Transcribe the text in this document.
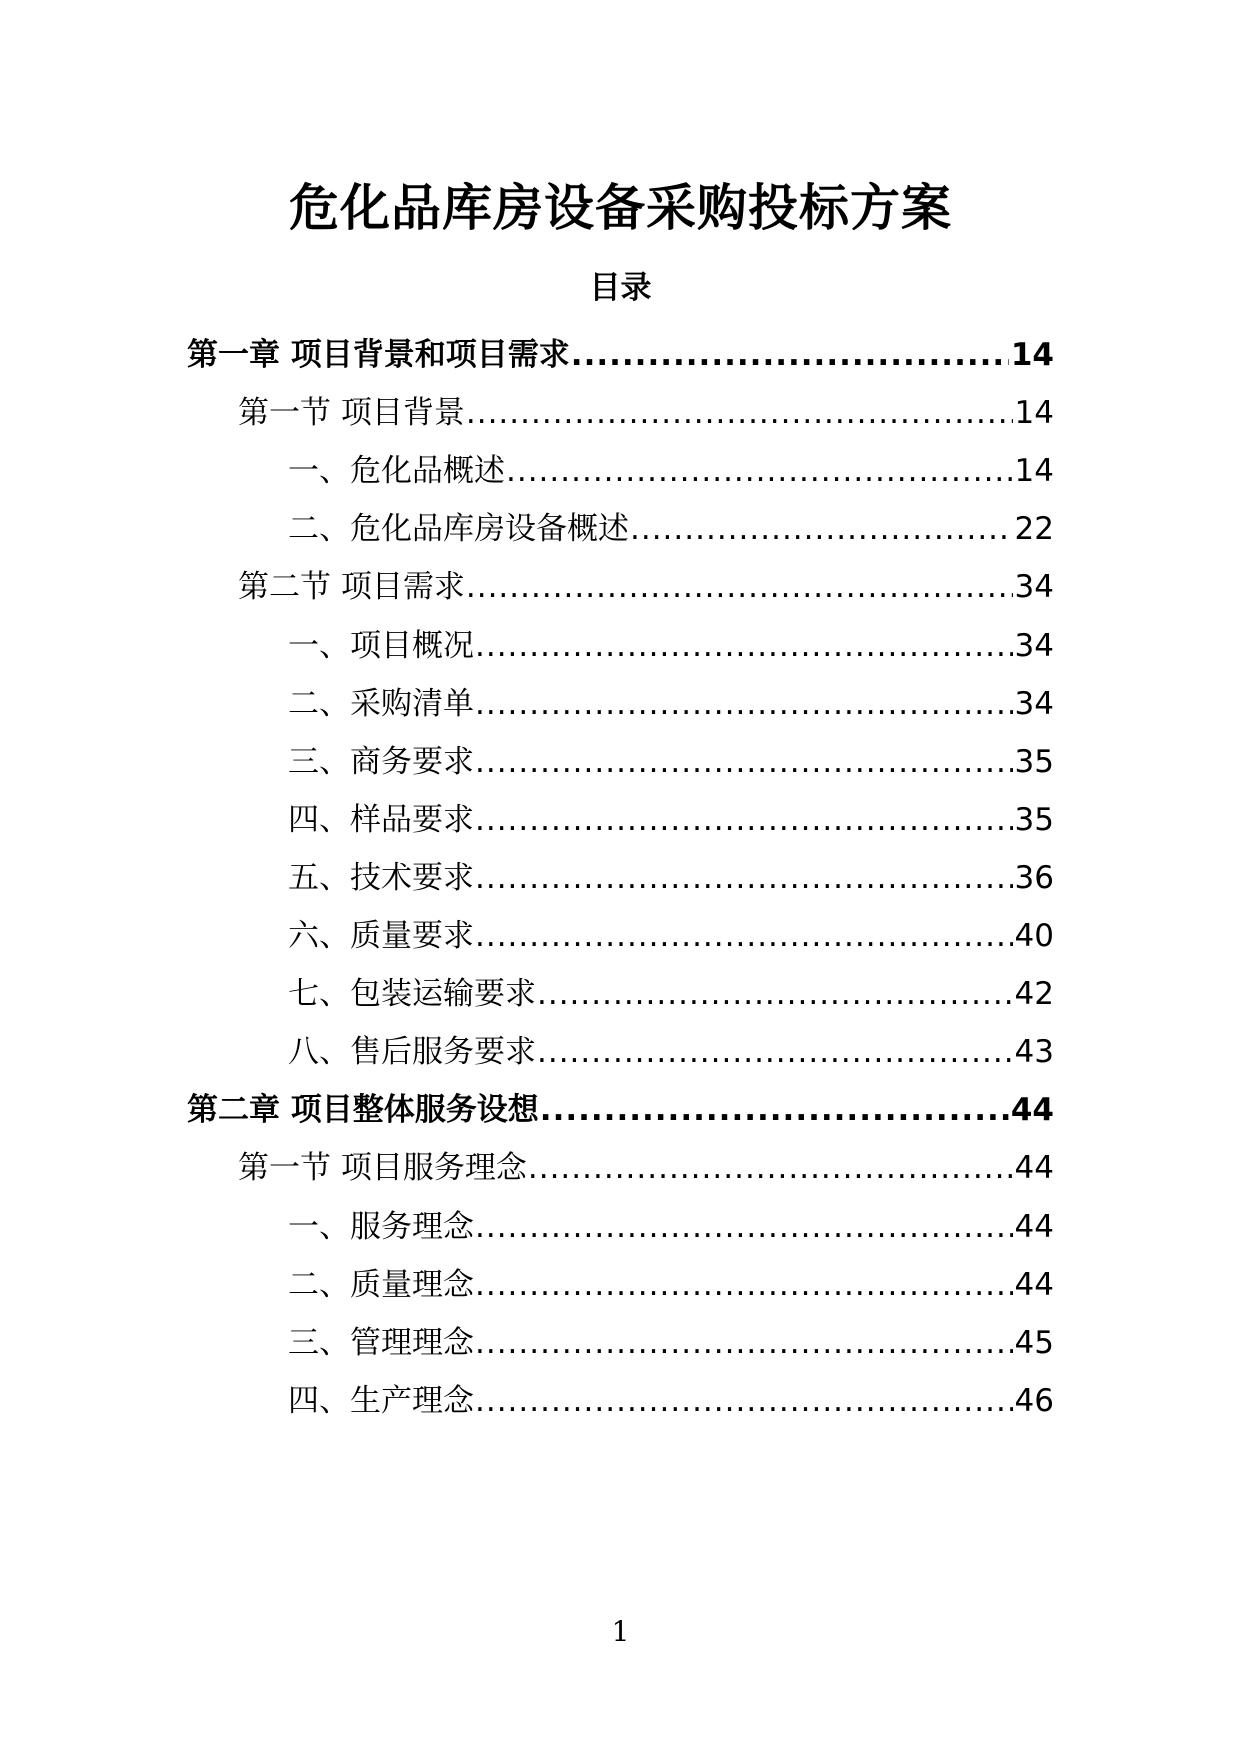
危化品库房设备采购投标方案
目录
第一章 项目背景和项目需求 .....	14
第一节 项目背景 .....	14
一、危化品概述 .....	14
二、危化品库房设备概述 .....	22
第二节 项目需求 .....	34
一、项目概况 .....	34
二、采购清单 .....	34
三、商务要求 .....	35
四、样品要求 .....	35
五、技术要求 .....	36
六、质量要求 .....	40
七、包装运输要求 .....	42
八、售后服务要求 .....	43
第二章 项目整体服务设想 .....	44
第一节 项目服务理念 .....	44
一、服务理念 .....	44
二、质量理念 .....	44
三、管理理念 .....	45
四、生产理念 .....	46
1
